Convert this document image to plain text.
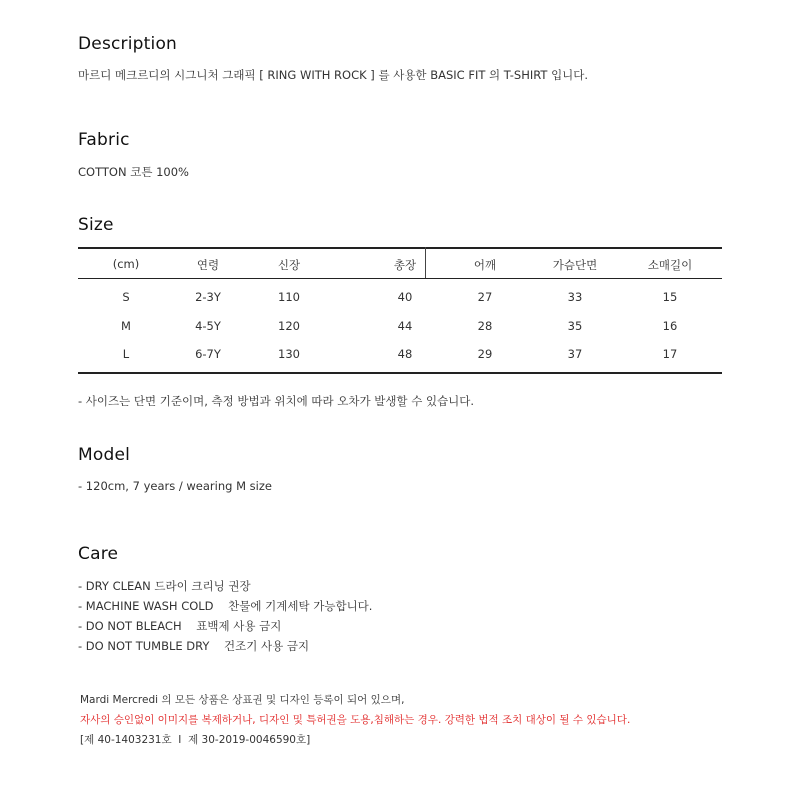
Description

마르디 메크르디의 시그니처 그래픽 [ RING WITH ROCK ] 를 사용한 BASIC FIT 의 T-SHIRT 입니다.

Fabric

COTTON 코튼 100%

Size
(cm)	연령	신장	총장	어깨	가슴단면	소매길이
S	2-3Y	110	40	27	33	15
M	4-5Y	120	44	28	35	16
L	6-7Y	130	48	29	37	17

- 사이즈는 단면 기준이며, 측정 방법과 위치에 따라 오차가 발생할 수 있습니다.

Model

- 120cm, 7 years / wearing M size

Care

- DRY CLEAN 드라이 크리닝 권장

- MACHINE WASH COLD    찬물에 기계세탁 가능합니다.

- DO NOT BLEACH    표백제 사용 금지

- DO NOT TUMBLE DRY    건조기 사용 금지

Mardi Mercredi 의 모든 상품은 상표권 및 디자인 등록이 되어 있으며,

자사의 승인없이 이미지를 복제하거나, 디자인 및 특허권을 도용,침해하는 경우. 강력한 법적 조치 대상이 될 수 있습니다.

[제 40-1403231호  I  제 30-2019-0046590호]
